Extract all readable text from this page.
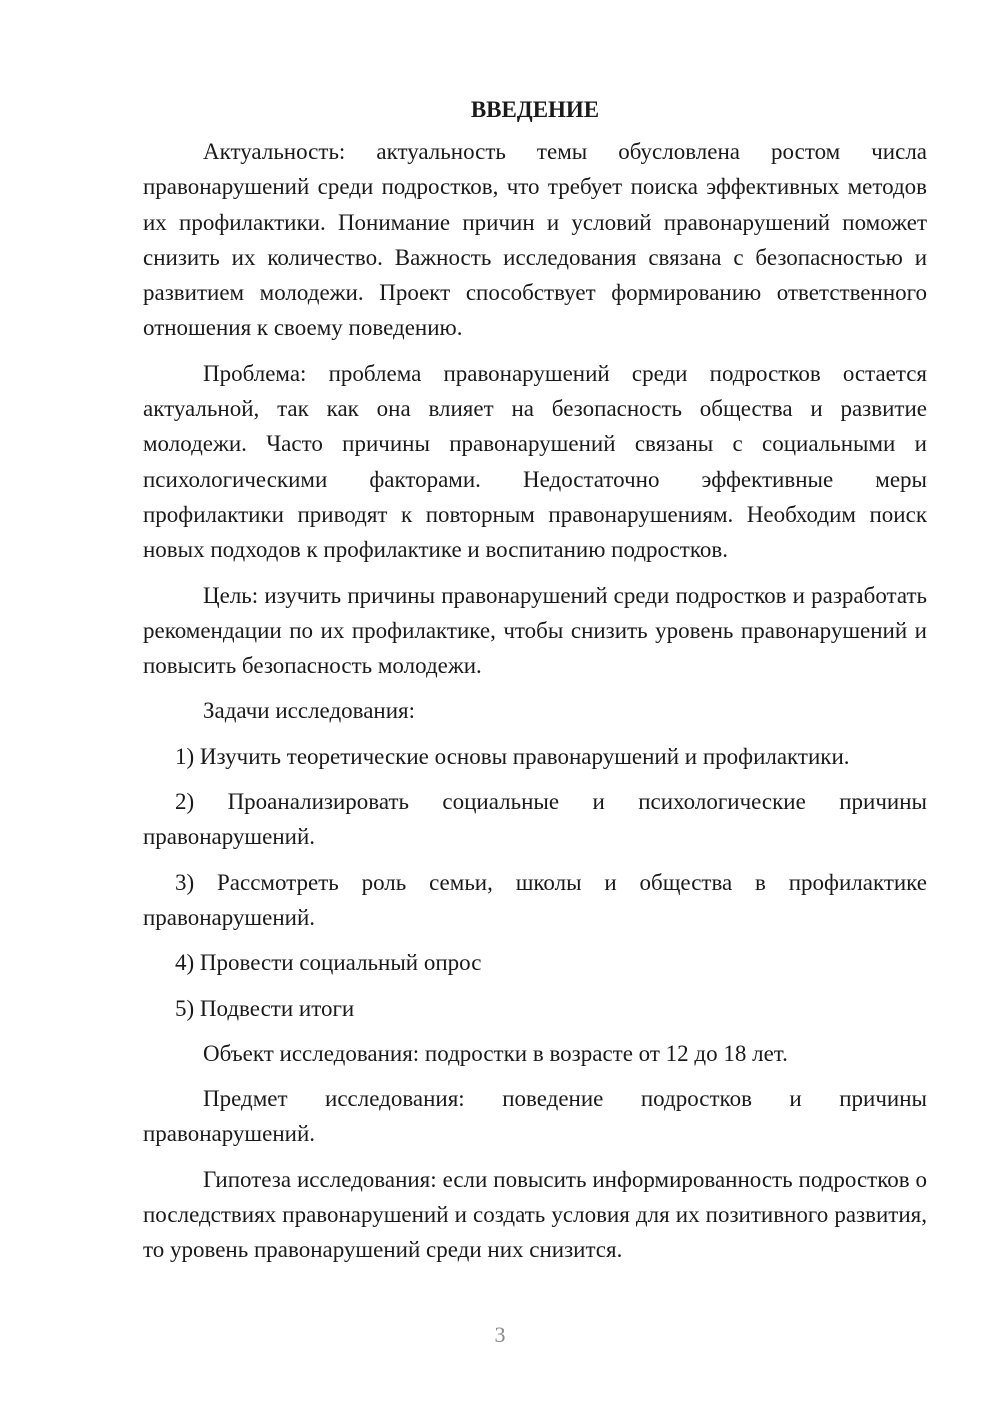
ВВЕДЕНИЕ

Актуальность: актуальность темы обусловлена ростом числа правонарушений среди подростков, что требует поиска эффективных методов их профилактики. Понимание причин и условий правонарушений поможет снизить их количество. Важность исследования связана с безопасностью и развитием молодежи. Проект способствует формированию ответственного отношения к своему поведению.

Проблема: проблема правонарушений среди подростков остается актуальной, так как она влияет на безопасность общества и развитие молодежи. Часто причины правонарушений связаны с социальными и психологическими факторами. Недостаточно эффективные меры профилактики приводят к повторным правонарушениям. Необходим поиск новых подходов к профилактике и воспитанию подростков.

Цель: изучить причины правонарушений среди подростков и разработать рекомендации по их профилактике, чтобы снизить уровень правонарушений и повысить безопасность молодежи.

Задачи исследования:

1) Изучить теоретические основы правонарушений и профилактики.

2) Проанализировать социальные и психологические причины правонарушений.

3) Рассмотреть роль семьи, школы и общества в профилактике правонарушений.

4) Провести социальный опрос

5) Подвести итоги

Объект исследования: подростки в возрасте от 12 до 18 лет.

Предмет исследования: поведение подростков и причины правонарушений.

Гипотеза исследования: если повысить информированность подростков о последствиях правонарушений и создать условия для их позитивного развития, то уровень правонарушений среди них снизится.

3
